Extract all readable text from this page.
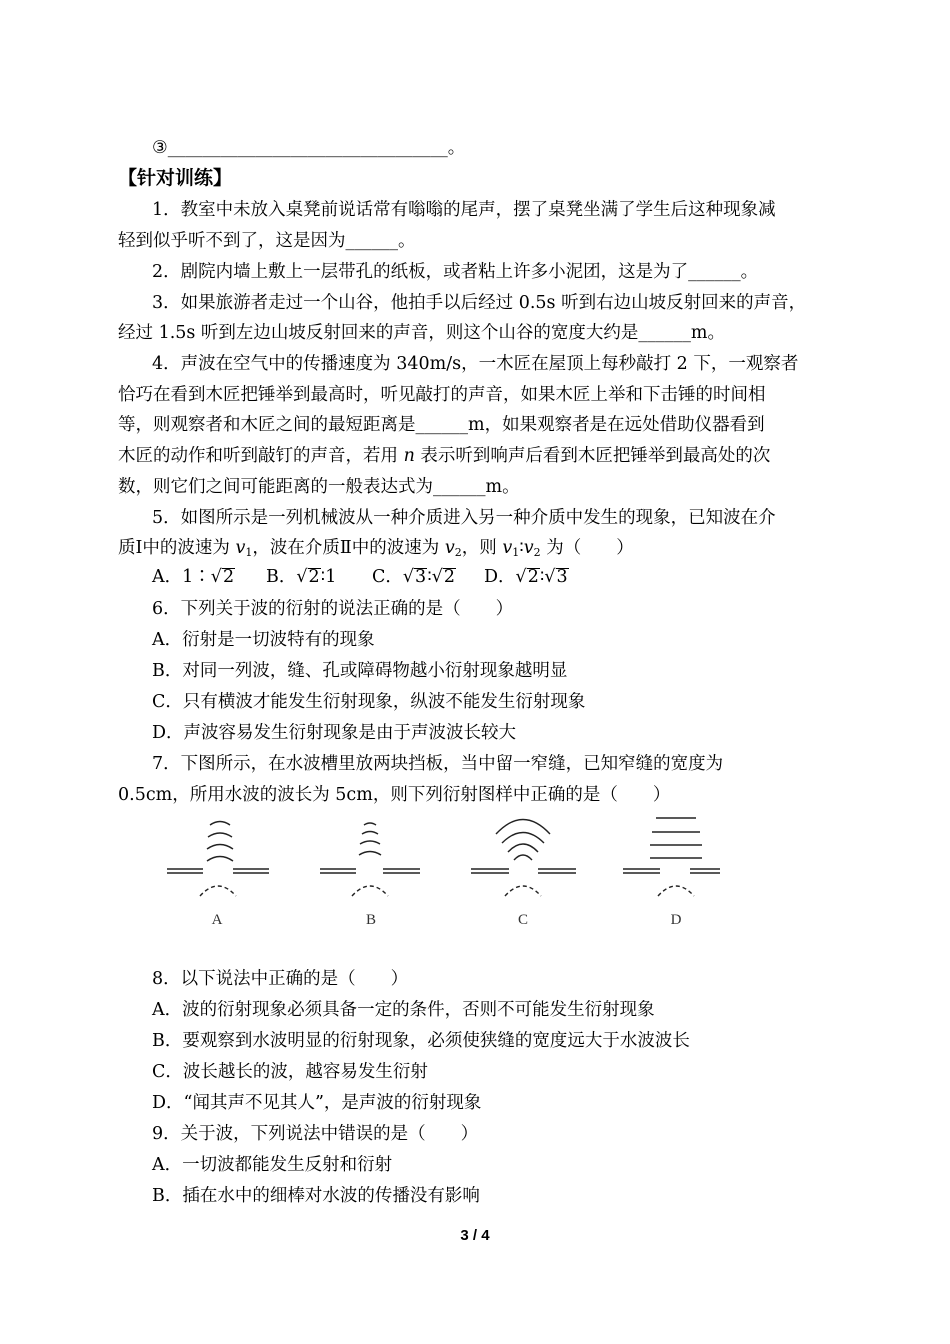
③________________________________。
【针对训练】
1．教室中未放入桌凳前说话常有嗡嗡的尾声，摆了桌凳坐满了学生后这种现象减
轻到似乎听不到了，这是因为______。
2．剧院内墙上敷上一层带孔的纸板，或者粘上许多小泥团，这是为了______。
3．如果旅游者走过一个山谷，他拍手以后经过 0.5s 听到右边山坡反射回来的声音，
经过 1.5s 听到左边山坡反射回来的声音，则这个山谷的宽度大约是______m。
4．声波在空气中的传播速度为 340m/s，一木匠在屋顶上每秒敲打 2 下，一观察者
恰巧在看到木匠把锤举到最高时，听见敲打的声音，如果木匠上举和下击锤的时间相
等，则观察者和木匠之间的最短距离是______m，如果观察者是在远处借助仪器看到
木匠的动作和听到敲钉的声音，若用 n 表示听到响声后看到木匠把锤举到最高处的次
数，则它们之间可能距离的一般表达式为______m。
5．如图所示是一列机械波从一种介质进入另一种介质中发生的现象，已知波在介
质Ⅰ中的波速为 $v_1$，波在介质Ⅱ中的波速为 $v_2$，则 $v_1∶v_2$ 为（　　）
A．1∶√2 B．√2∶1 C．√3∶√2 D．√2∶√3
6．下列关于波的衍射的说法正确的是（　　）
A．衍射是一切波特有的现象
B．对同一列波，缝、孔或障碍物越小衍射现象越明显
C．只有横波才能发生衍射现象，纵波不能发生衍射现象
D．声波容易发生衍射现象是由于声波波长较大
7．下图所示，在水波槽里放两块挡板，当中留一窄缝，已知窄缝的宽度为
0.5cm，所用水波的波长为 5cm，则下列衍射图样中正确的是（　　）
A	B	C	D
8．以下说法中正确的是（　　）
A．波的衍射现象必须具备一定的条件，否则不可能发生衍射现象
B．要观察到水波明显的衍射现象，必须使狭缝的宽度远大于水波波长
C．波长越长的波，越容易发生衍射
D．“闻其声不见其人”，是声波的衍射现象
9．关于波，下列说法中错误的是（　　）
A．一切波都能发生反射和衍射
B．插在水中的细棒对水波的传播没有影响
3 / 4
